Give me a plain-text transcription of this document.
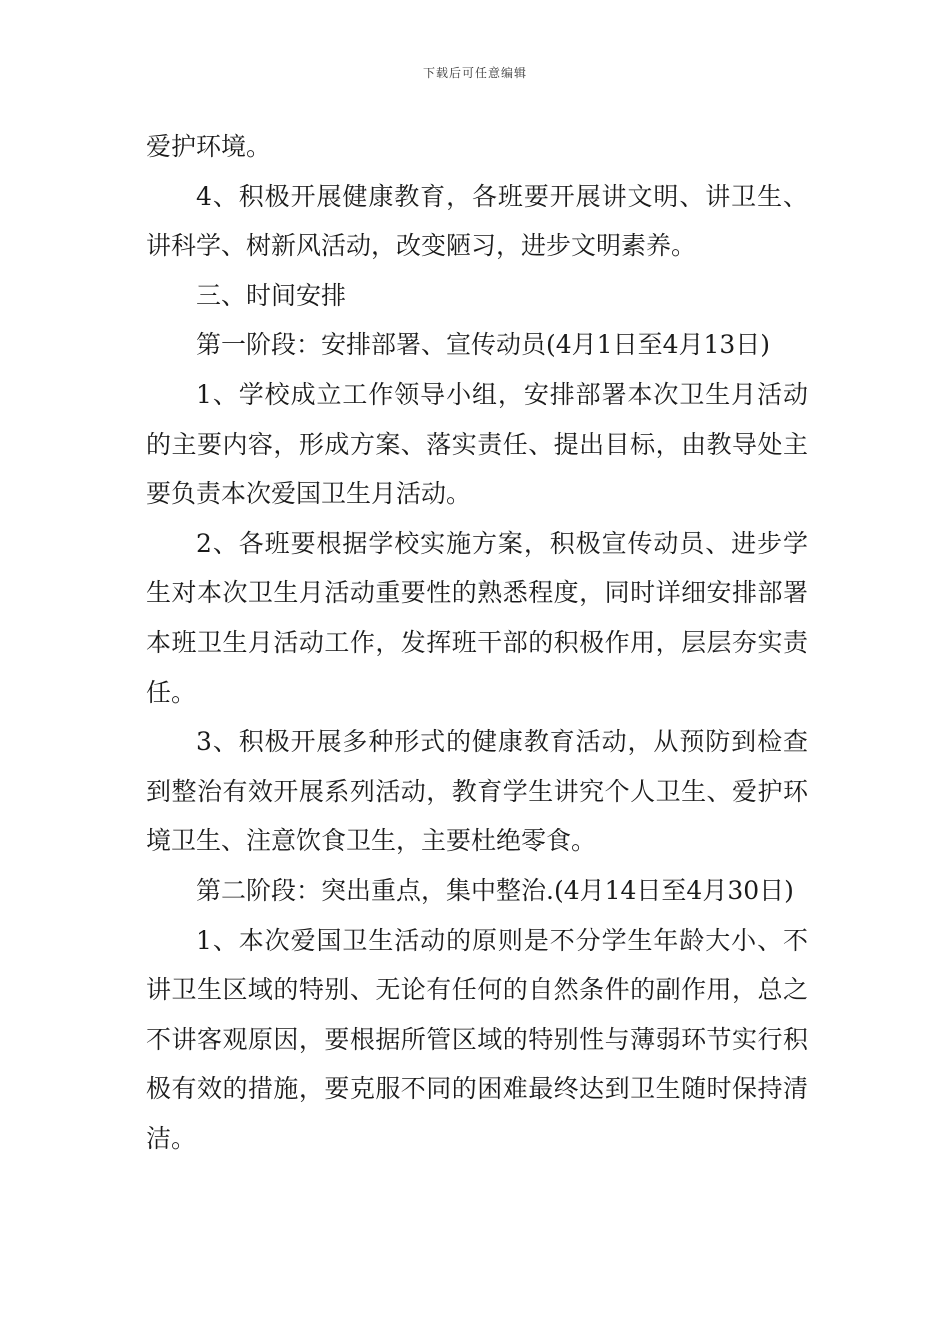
下载后可任意编辑

爱护环境。

4、积极开展健康教育，各班要开展讲文明、讲卫生、讲科学、树新风活动，改变陋习，进步文明素养。

三、时间安排

第一阶段：安排部署、宣传动员(4月1日至4月13日)

1、学校成立工作领导小组，安排部署本次卫生月活动的主要内容，形成方案、落实责任、提出目标，由教导处主要负责本次爱国卫生月活动。

2、各班要根据学校实施方案，积极宣传动员、进步学生对本次卫生月活动重要性的熟悉程度，同时详细安排部署本班卫生月活动工作，发挥班干部的积极作用，层层夯实责任。

3、积极开展多种形式的健康教育活动，从预防到检查到整治有效开展系列活动，教育学生讲究个人卫生、爱护环境卫生、注意饮食卫生，主要杜绝零食。

第二阶段：突出重点，集中整治.(4月14日至4月30日)

1、本次爱国卫生活动的原则是不分学生年龄大小、不讲卫生区域的特别、无论有任何的自然条件的副作用，总之不讲客观原因，要根据所管区域的特别性与薄弱环节实行积极有效的措施，要克服不同的困难最终达到卫生随时保持清洁。
